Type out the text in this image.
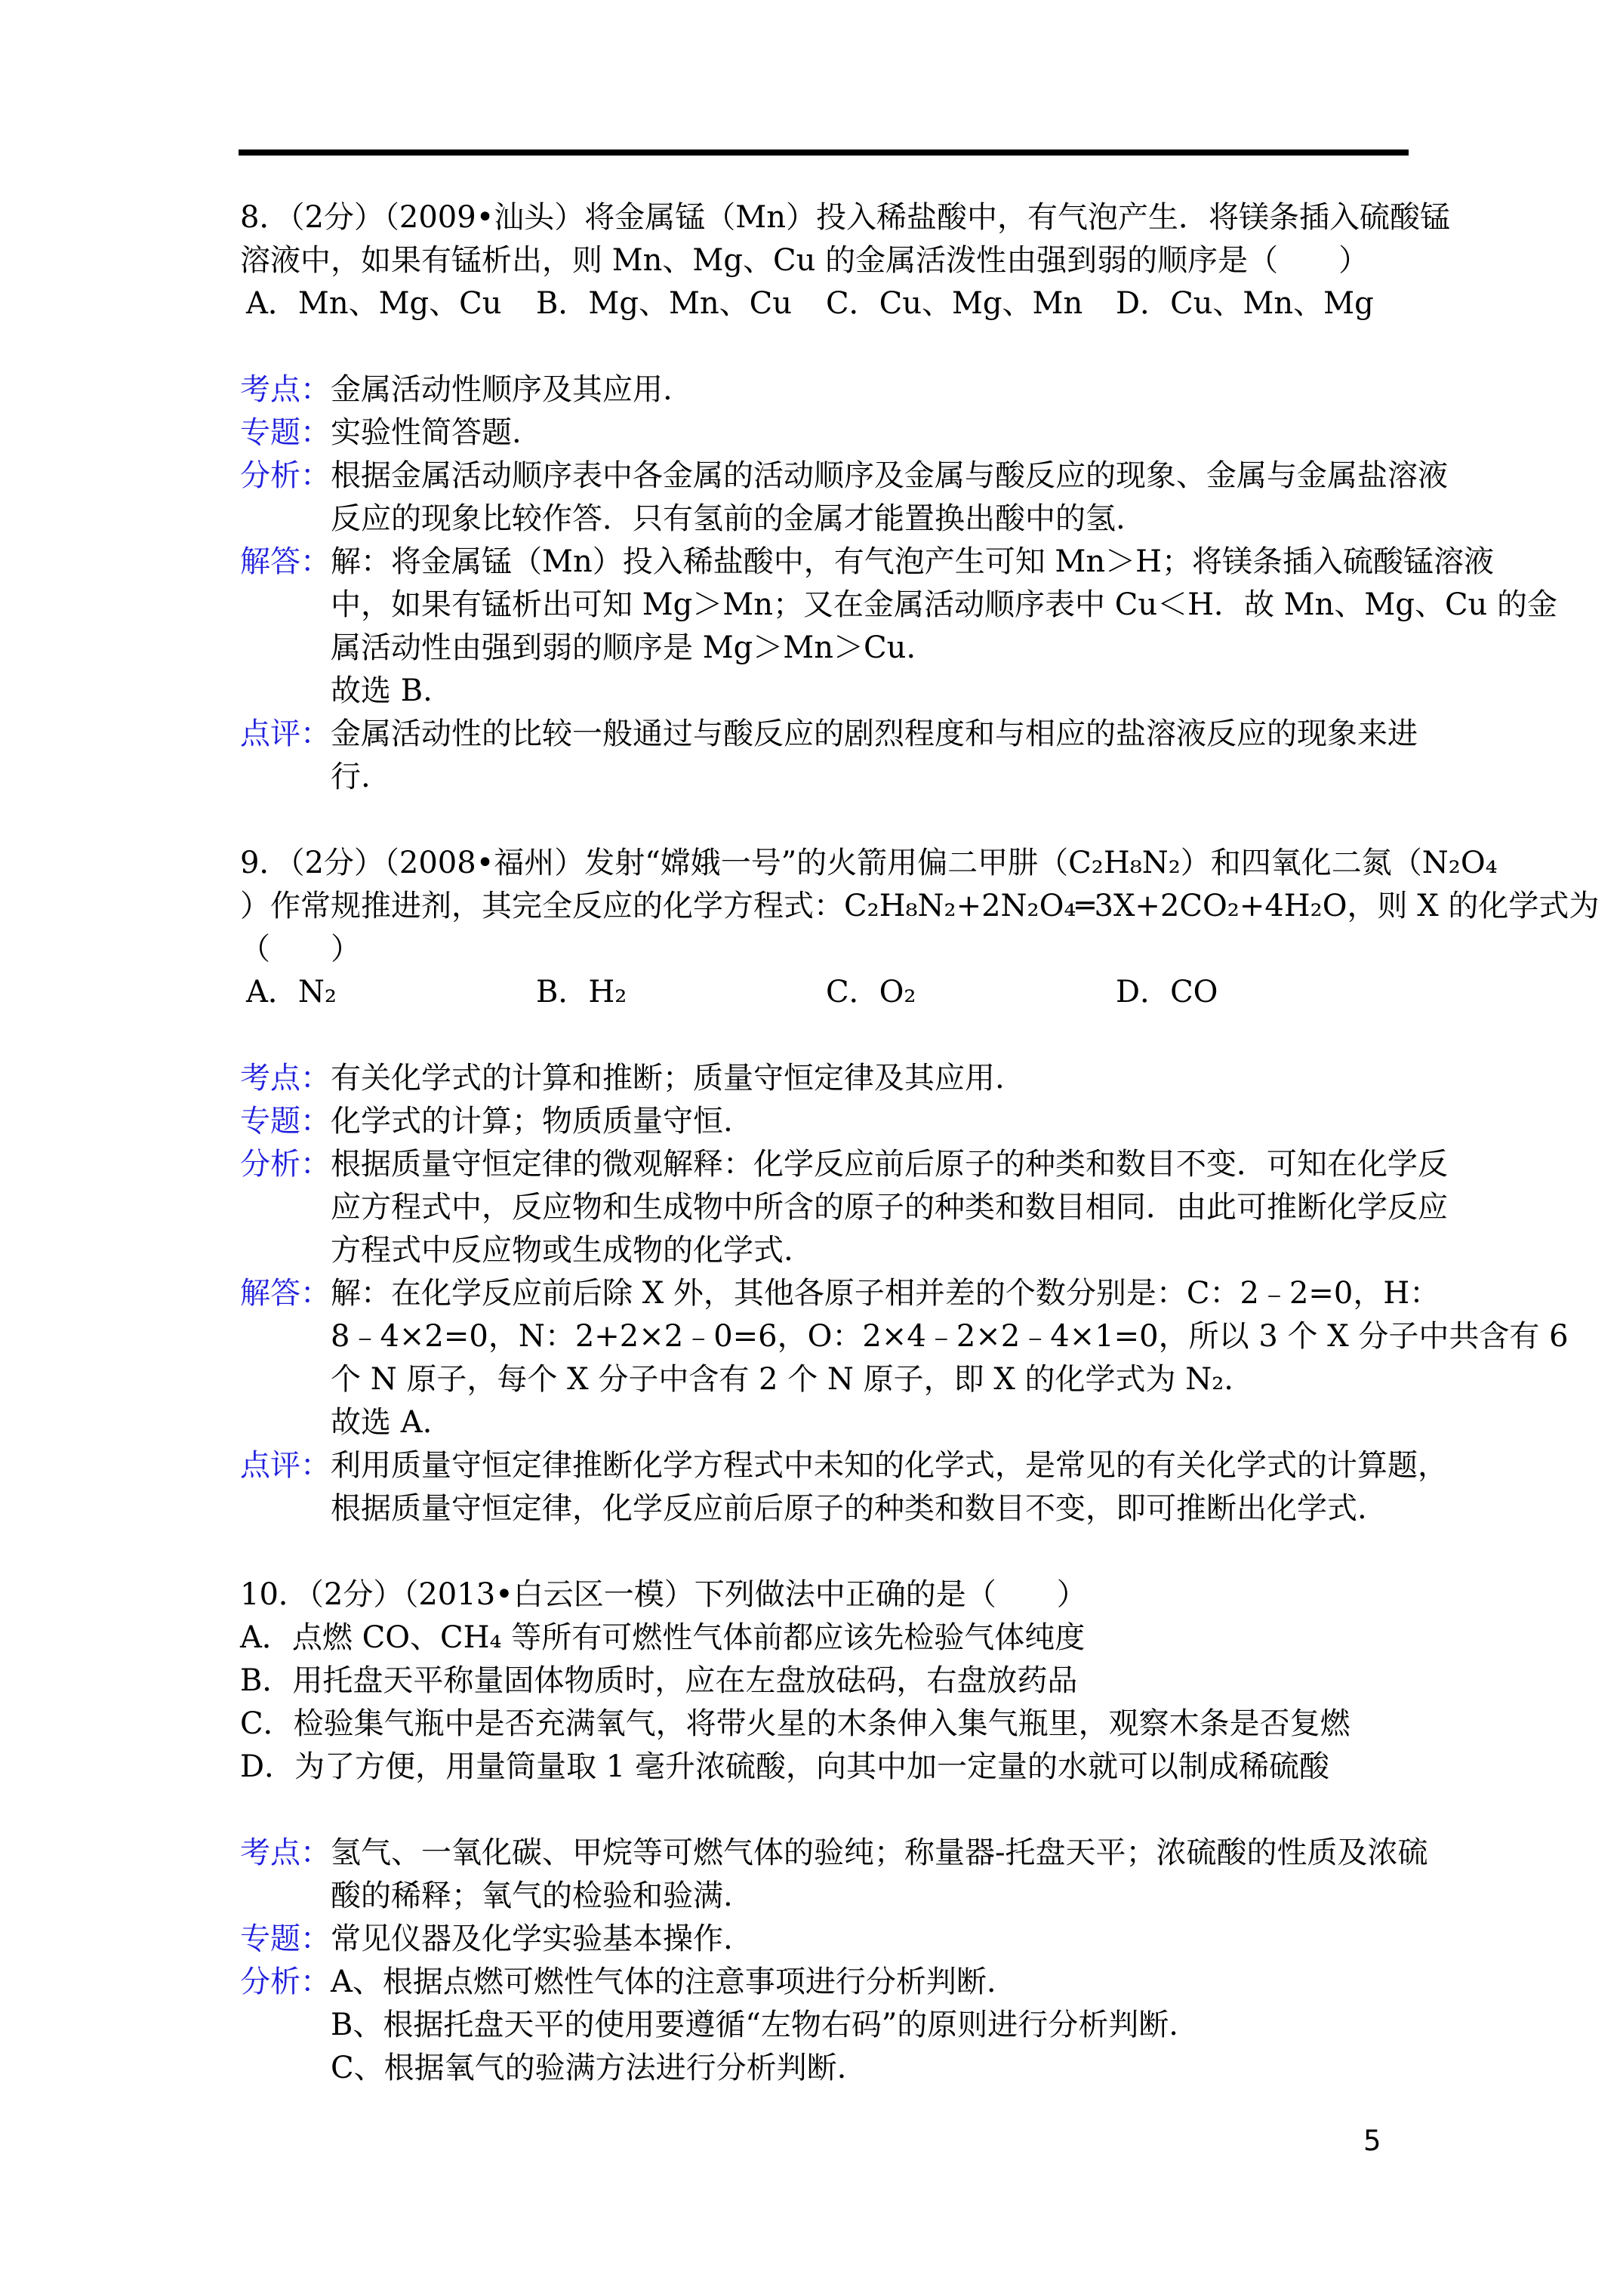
8．（2分）（2009•汕头）将金属锰（Mn）投入稀盐酸中，有气泡产生．将镁条插入硫酸锰
溶液中，如果有锰析出，则 Mn、Mg、Cu 的金属活泼性由强到弱的顺序是（　　）
A．Mn、Mg、Cu B．Mg、Mn、Cu C．Cu、Mg、Mn D．Cu、Mn、Mg
考点：金属活动性顺序及其应用.
专题：实验性简答题.
分析：根据金属活动顺序表中各金属的活动顺序及金属与酸反应的现象、金属与金属盐溶液
反应的现象比较作答．只有氢前的金属才能置换出酸中的氢.
解答：解：将金属锰（Mn）投入稀盐酸中，有气泡产生可知 Mn＞H；将镁条插入硫酸锰溶液
中，如果有锰析出可知 Mg＞Mn；又在金属活动顺序表中 Cu＜H．故 Mn、Mg、Cu 的金
属活动性由强到弱的顺序是 Mg＞Mn＞Cu.
故选 B.
点评：金属活动性的比较一般通过与酸反应的剧烈程度和与相应的盐溶液反应的现象来进
行.
9．（2分）（2008•福州）发射“嫦娥一号”的火箭用偏二甲肼（C₂H₈N₂）和四氧化二氮（N₂O₄
）作常规推进剂，其完全反应的化学方程式：C₂H₈N₂+2N₂O₄═3X+2CO₂+4H₂O，则 X 的化学式为
（　　）
A．N₂	B．H₂	C．O₂	D．CO
考点：有关化学式的计算和推断；质量守恒定律及其应用.
专题：化学式的计算；物质质量守恒.
分析：根据质量守恒定律的微观解释：化学反应前后原子的种类和数目不变．可知在化学反
应方程式中，反应物和生成物中所含的原子的种类和数目相同．由此可推断化学反应
方程式中反应物或生成物的化学式.
解答：解：在化学反应前后除 X 外，其他各原子相并差的个数分别是：C：2﹣2=0，H：
8﹣4×2=0，N：2+2×2﹣0=6，O：2×4﹣2×2﹣4×1=0，所以 3 个 X 分子中共含有 6
个 N 原子，每个 X 分子中含有 2 个 N 原子，即 X 的化学式为 N₂.
故选 A.
点评：利用质量守恒定律推断化学方程式中未知的化学式，是常见的有关化学式的计算题，
根据质量守恒定律，化学反应前后原子的种类和数目不变，即可推断出化学式.
10．（2分）（2013•白云区一模）下列做法中正确的是（　　）
A．点燃 CO、CH₄ 等所有可燃性气体前都应该先检验气体纯度
B．用托盘天平称量固体物质时，应在左盘放砝码，右盘放药品
C．检验集气瓶中是否充满氧气，将带火星的木条伸入集气瓶里，观察木条是否复燃
D．为了方便，用量筒量取 1 毫升浓硫酸，向其中加一定量的水就可以制成稀硫酸
考点：氢气、一氧化碳、甲烷等可燃气体的验纯；称量器-托盘天平；浓硫酸的性质及浓硫
酸的稀释；氧气的检验和验满.
专题：常见仪器及化学实验基本操作.
分析：A、根据点燃可燃性气体的注意事项进行分析判断.
B、根据托盘天平的使用要遵循“左物右码”的原则进行分析判断.
C、根据氧气的验满方法进行分析判断.
5
